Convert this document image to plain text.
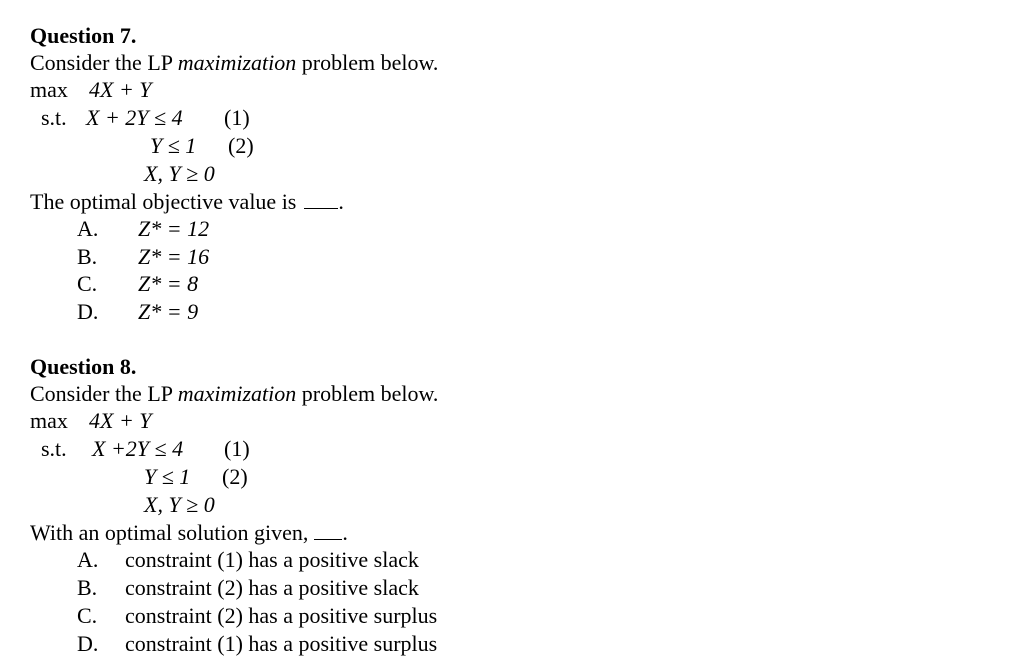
Question 7.
Consider the LP maximization problem below.
max 4X + Y
s.t. X + 2Y ≤ 4 (1)
Y ≤ 1 (2)
X, Y ≥ 0
The optimal objective value is .
A. Z* = 12
B. Z* = 16
C. Z* = 8
D. Z* = 9
Question 8.
Consider the LP maximization problem below.
max 4X + Y
s.t. X +2Y ≤ 4 (1)
Y ≤ 1 (2)
X, Y ≥ 0
With an optimal solution given, .
A. constraint (1) has a positive slack
B. constraint (2) has a positive slack
C. constraint (2) has a positive surplus
D. constraint (1) has a positive surplus
